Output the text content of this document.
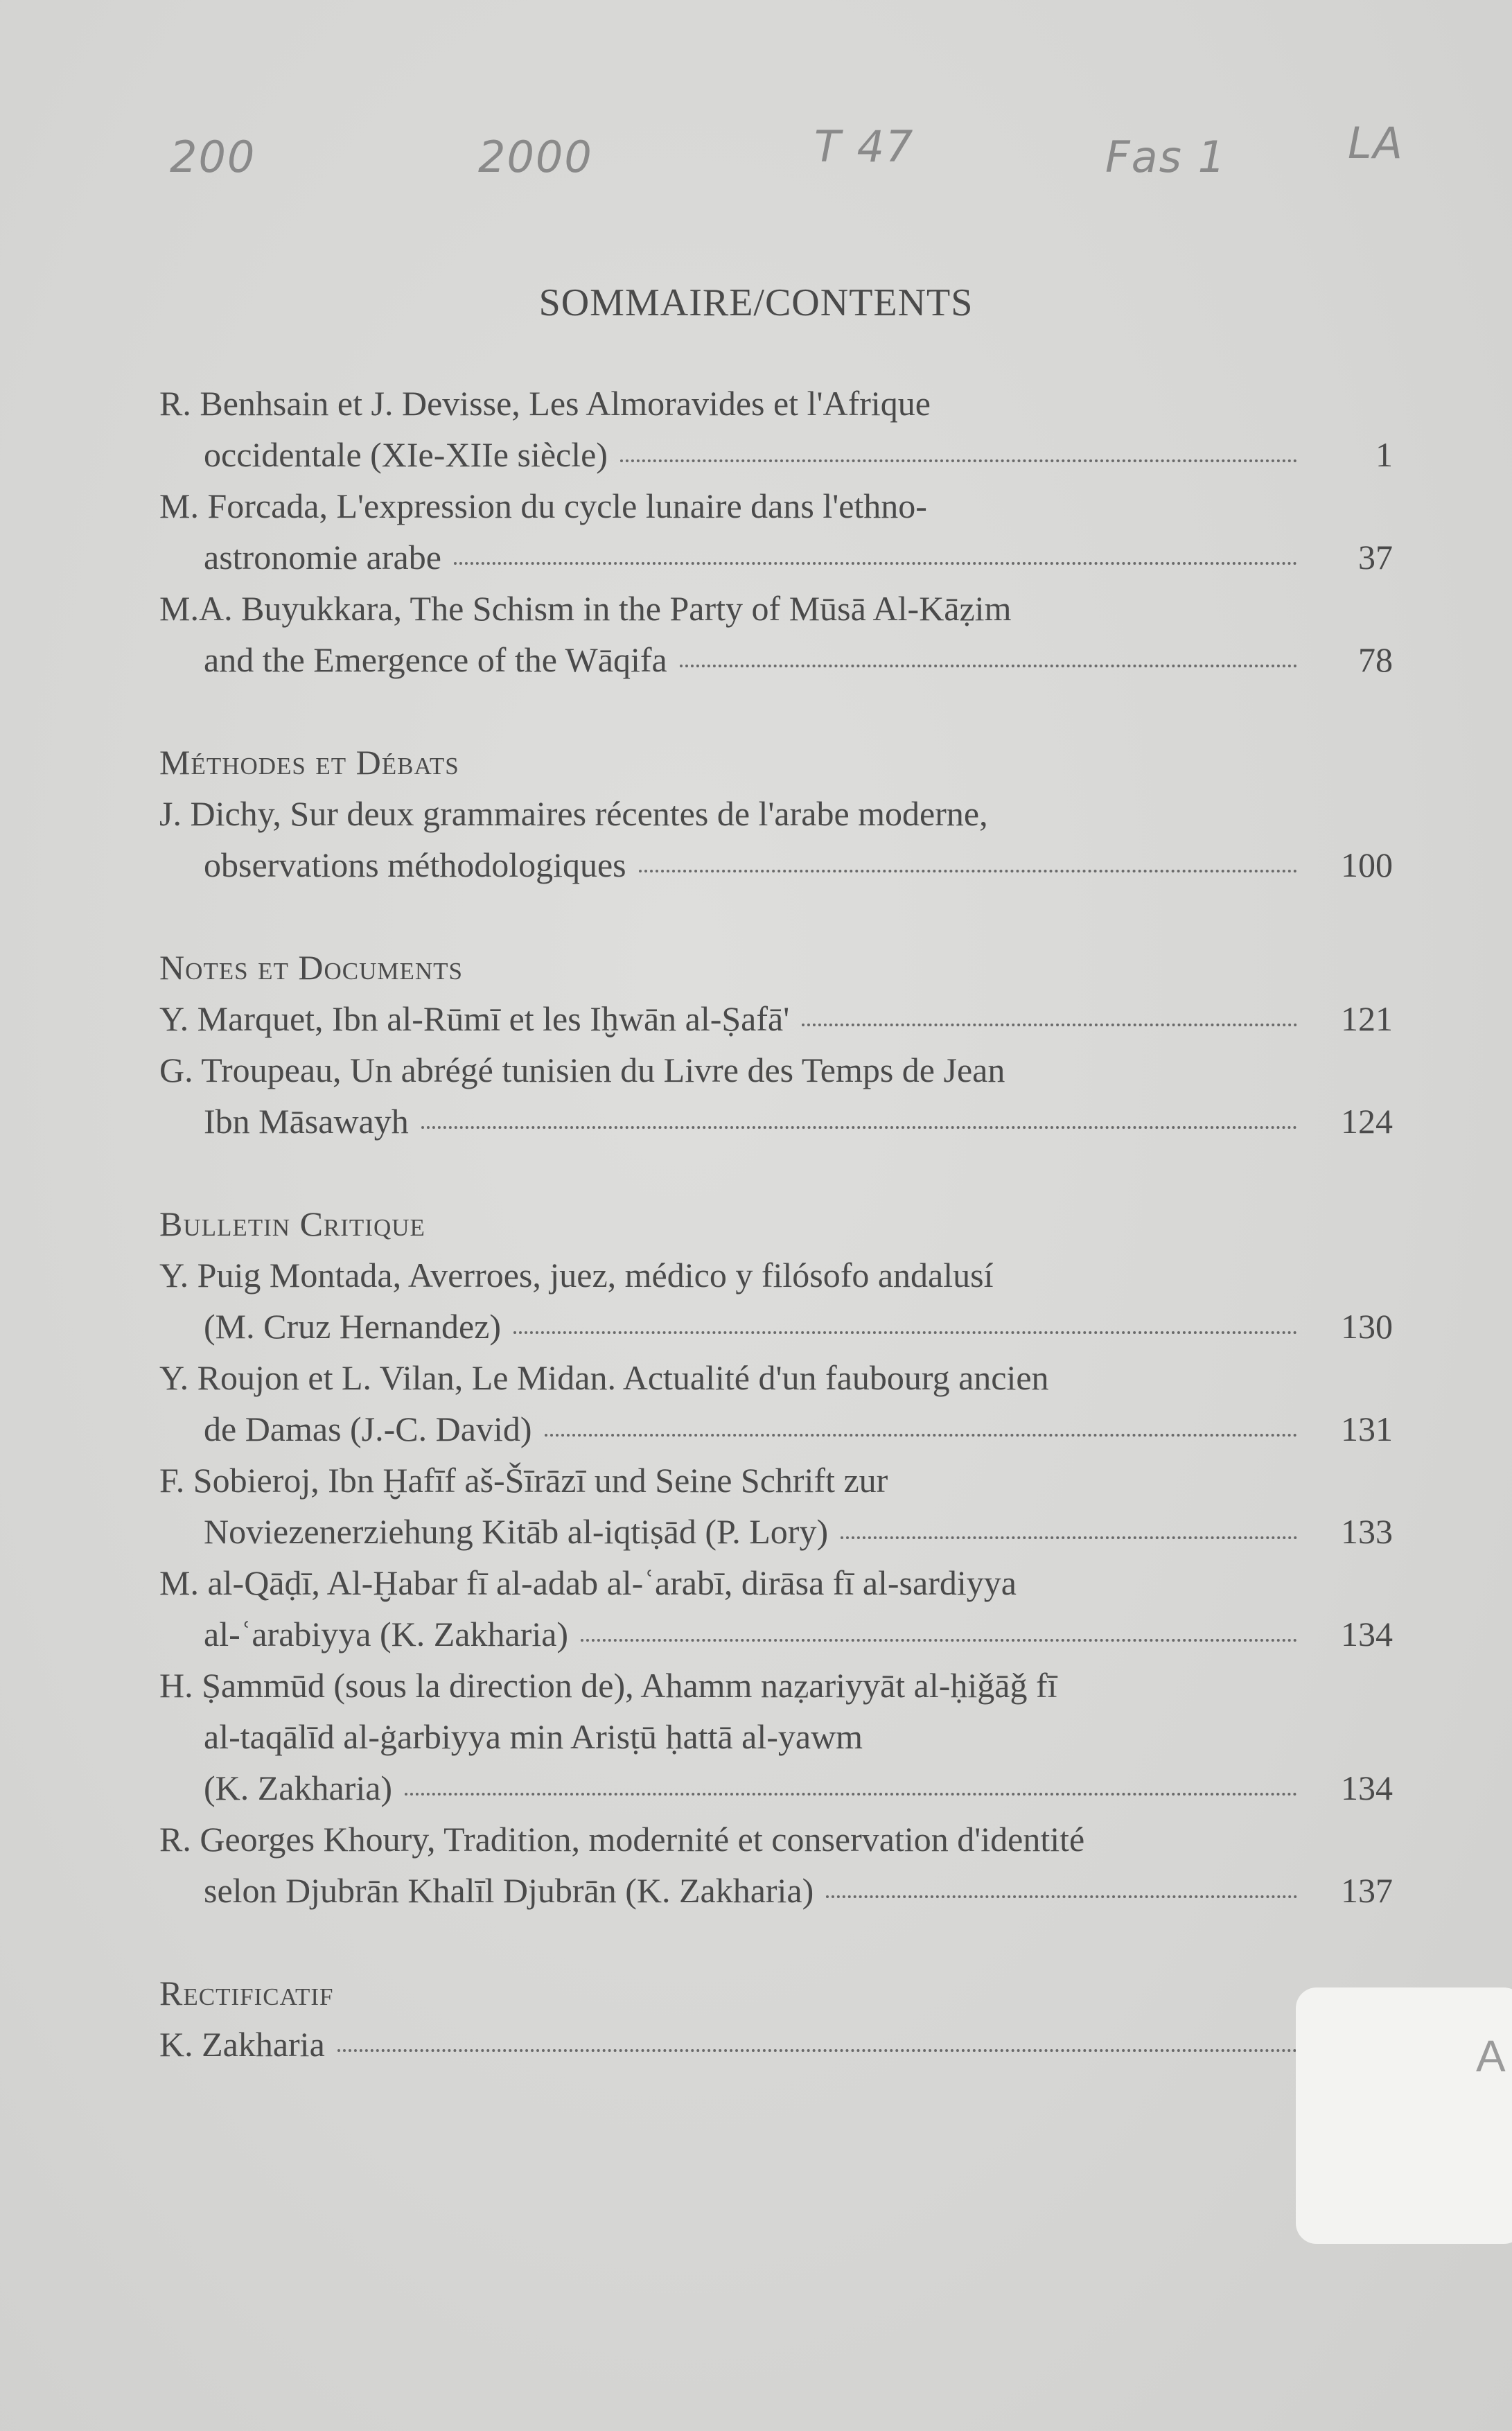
200	2000	T 47	Fas 1	LA
SOMMAIRE/CONTENTS
R. Benhsain et J. Devisse, Les Almoravides et l'Afrique
occidentale (XIe-XIIe siècle)	1
M. Forcada, L'expression du cycle lunaire dans l'ethno-
astronomie arabe	37
M.A. Buyukkara, The Schism in the Party of Mūsā Al-Kāẓim
and the Emergence of the Wāqifa	78
Méthodes et Débats
J. Dichy, Sur deux grammaires récentes de l'arabe moderne,
observations méthodologiques	100
Notes et Documents
Y. Marquet, Ibn al-Rūmī et les Iḫwān al-Ṣafā'	121
G. Troupeau, Un abrégé tunisien du Livre des Temps de Jean
Ibn Māsawayh	124
Bulletin Critique
Y. Puig Montada, Averroes, juez, médico y filósofo andalusí
(M. Cruz Hernandez)	130
Y. Roujon et L. Vilan, Le Midan. Actualité d'un faubourg ancien
de Damas (J.-C. David)	131
F. Sobieroj, Ibn Ḫafīf aš-Šīrāzī und Seine Schrift zur
Noviezenerziehung Kitāb al-iqtiṣād (P. Lory)	133
M. al-Qāḍī, Al-Ḫabar fī al-adab al-ʿarabī, dirāsa fī al-sardiyya
al-ʿarabiyya (K. Zakharia)	134
H. Ṣammūd (sous la direction de), Ahamm naẓariyyāt al-ḥiǧāǧ fī
al-taqālīd al-ġarbiyya min Arisṭū ḥattā al-yawm
(K. Zakharia)	134
R. Georges Khoury, Tradition, modernité et conservation d'identité
selon Djubrān Khalīl Djubrān (K. Zakharia)	137
Rectificatif
K. Zakharia	A
